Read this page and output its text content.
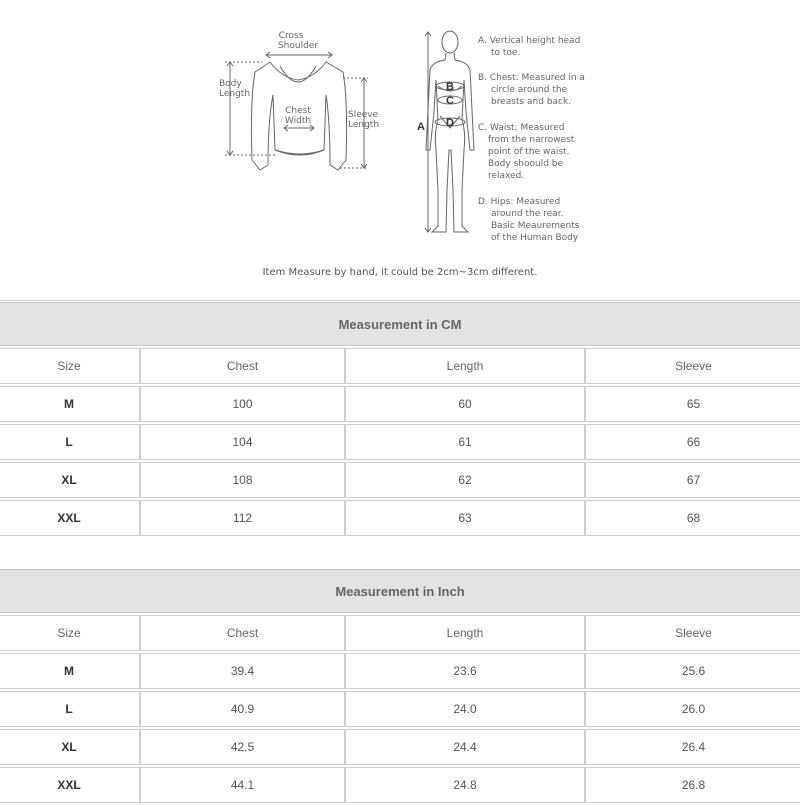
Cross
Shoulder
Body
Length
Chest
Width
Sleeve
Length
B
C
A D
A. Vertical height head
to toe.
B. Chest: Measured in a
circle around the
breasts and back.
C. Waist: Measured
from the narrowest
point of the waist.
Body shoould be
relaxed.
D. Hips: Measured
around the rear.
Basic Meaurements
of the Human Body
Item Measure by hand, it could be 2cm~3cm different.
Measurement in CM			
Size	Chest	Length	Sleeve
M	100	60	65
L	104	61	66
XL	108	62	67
XXL	112	63	68
Measurement in Inch			
Size	Chest	Length	Sleeve
M	39.4	23.6	25.6
L	40.9	24.0	26.0
XL	42.5	24.4	26.4
XXL	44.1	24.8	26.8
